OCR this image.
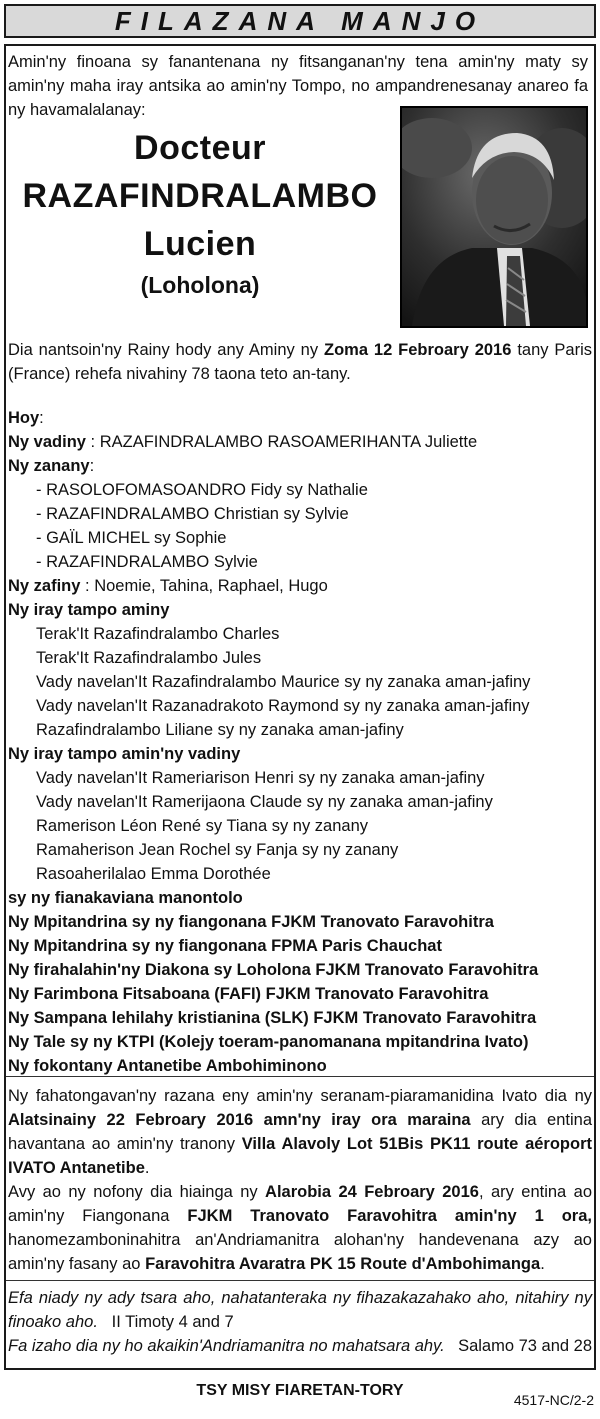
FILAZANA MANJO

Amin'ny finoana sy fanantenana ny fitsanganan'ny tena amin'ny maty sy amin'ny maha iray antsika ao amin'ny Tompo, no ampandrenesanay anareo fa ny havamalalanay:

Docteur
RAZAFINDRALAMBO
Lucien
(Loholona)

Dia nantsoin'ny Rainy hody any Aminy ny Zoma 12 Febroary 2016 tany Paris (France) rehefa nivahiny 78 taona teto an-tany.

Hoy:
Ny vadiny : RAZAFINDRALAMBO RASOAMERIHANTA Juliette
Ny zanany:
- RASOLOFOMASOANDRO Fidy sy Nathalie
- RAZAFINDRALAMBO Christian sy Sylvie
- GAÏL MICHEL sy Sophie
- RAZAFINDRALAMBO Sylvie
Ny zafiny : Noemie, Tahina, Raphael, Hugo
Ny iray tampo aminy
Terak'It Razafindralambo Charles
Terak'It Razafindralambo Jules
Vady navelan'It Razafindralambo Maurice sy ny zanaka aman-jafiny
Vady navelan'It Razanadrakoto Raymond sy ny zanaka aman-jafiny
Razafindralambo Liliane sy ny zanaka aman-jafiny
Ny iray tampo amin'ny vadiny
Vady navelan'It Rameriarison Henri sy ny zanaka aman-jafiny
Vady navelan'It Ramerijaona Claude sy ny zanaka aman-jafiny
Ramerison Léon René sy Tiana sy ny zanany
Ramaherison Jean Rochel sy Fanja sy ny zanany
Rasoaherilalao Emma Dorothée
sy ny fianakaviana manontolo
Ny Mpitandrina sy ny fiangonana FJKM Tranovato Faravohitra
Ny Mpitandrina sy ny fiangonana FPMA Paris Chauchat
Ny firahalahin'ny Diakona sy Loholona FJKM Tranovato Faravohitra
Ny Farimbona Fitsaboana (FAFI) FJKM Tranovato Faravohitra
Ny Sampana lehilahy kristianina (SLK) FJKM Tranovato Faravohitra
Ny Tale sy ny KTPI (Kolejy toeram-panomanana mpitandrina Ivato)
Ny fokontany Antanetibe Ambohiminono

Ny fahatongavan'ny razana eny amin'ny seranam-piaramanidina Ivato dia ny Alatsinainy 22 Febroary 2016 amn'ny iray ora maraina ary dia entina havantana ao amin'ny tranony Villa Alavoly Lot 51Bis PK11 route aéroport IVATO Antanetibe.

Avy ao ny nofony dia hiainga ny Alarobia 24 Febroary 2016, ary entina ao amin'ny Fiangonana FJKM Tranovato Faravohitra amin'ny 1 ora, hanomezamboninahitra an'Andriamanitra alohan'ny handevenana azy ao amin'ny fasany ao Faravohitra Avaratra PK 15 Route d'Ambohimanga.

Efa niady ny ady tsara aho, nahatanteraka ny fihazakazahako aho, nitahiry ny finoako aho. II Timoty 4 and 7
Fa izaho dia ny ho akaikin'Andriamanitra no mahatsara ahy. Salamo 73 and 28
TSY MISY FIARETAN-TORY
4517-NC/2-2
